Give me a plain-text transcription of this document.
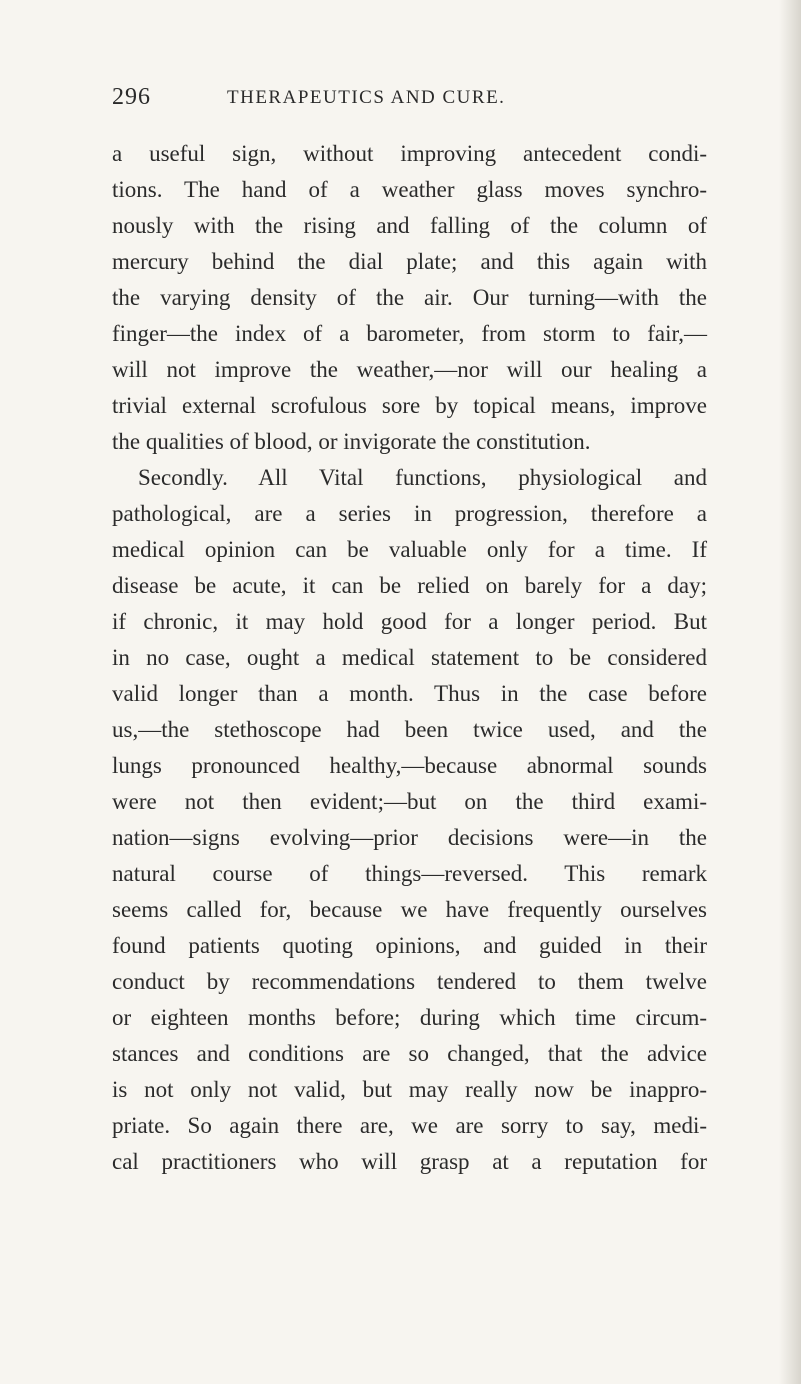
296	THERAPEUTICS AND CURE.
a useful sign, without improving antecedent condi-
tions. The hand of a weather glass moves synchro-
nously with the rising and falling of the column of
mercury behind the dial plate; and this again with
the varying density of the air. Our turning—with the
finger—the index of a barometer, from storm to fair,—
will not improve the weather,—nor will our healing a
trivial external scrofulous sore by topical means, improve
the qualities of blood, or invigorate the constitution.
Secondly. All Vital functions, physiological and
pathological, are a series in progression, therefore a
medical opinion can be valuable only for a time. If
disease be acute, it can be relied on barely for a day;
if chronic, it may hold good for a longer period. But
in no case, ought a medical statement to be considered
valid longer than a month. Thus in the case before
us,—the stethoscope had been twice used, and the
lungs pronounced healthy,—because abnormal sounds
were not then evident;—but on the third exami-
nation—signs evolving—prior decisions were—in the
natural course of things—reversed. This remark
seems called for, because we have frequently ourselves
found patients quoting opinions, and guided in their
conduct by recommendations tendered to them twelve
or eighteen months before; during which time circum-
stances and conditions are so changed, that the advice
is not only not valid, but may really now be inappro-
priate. So again there are, we are sorry to say, medi-
cal practitioners who will grasp at a reputation for
